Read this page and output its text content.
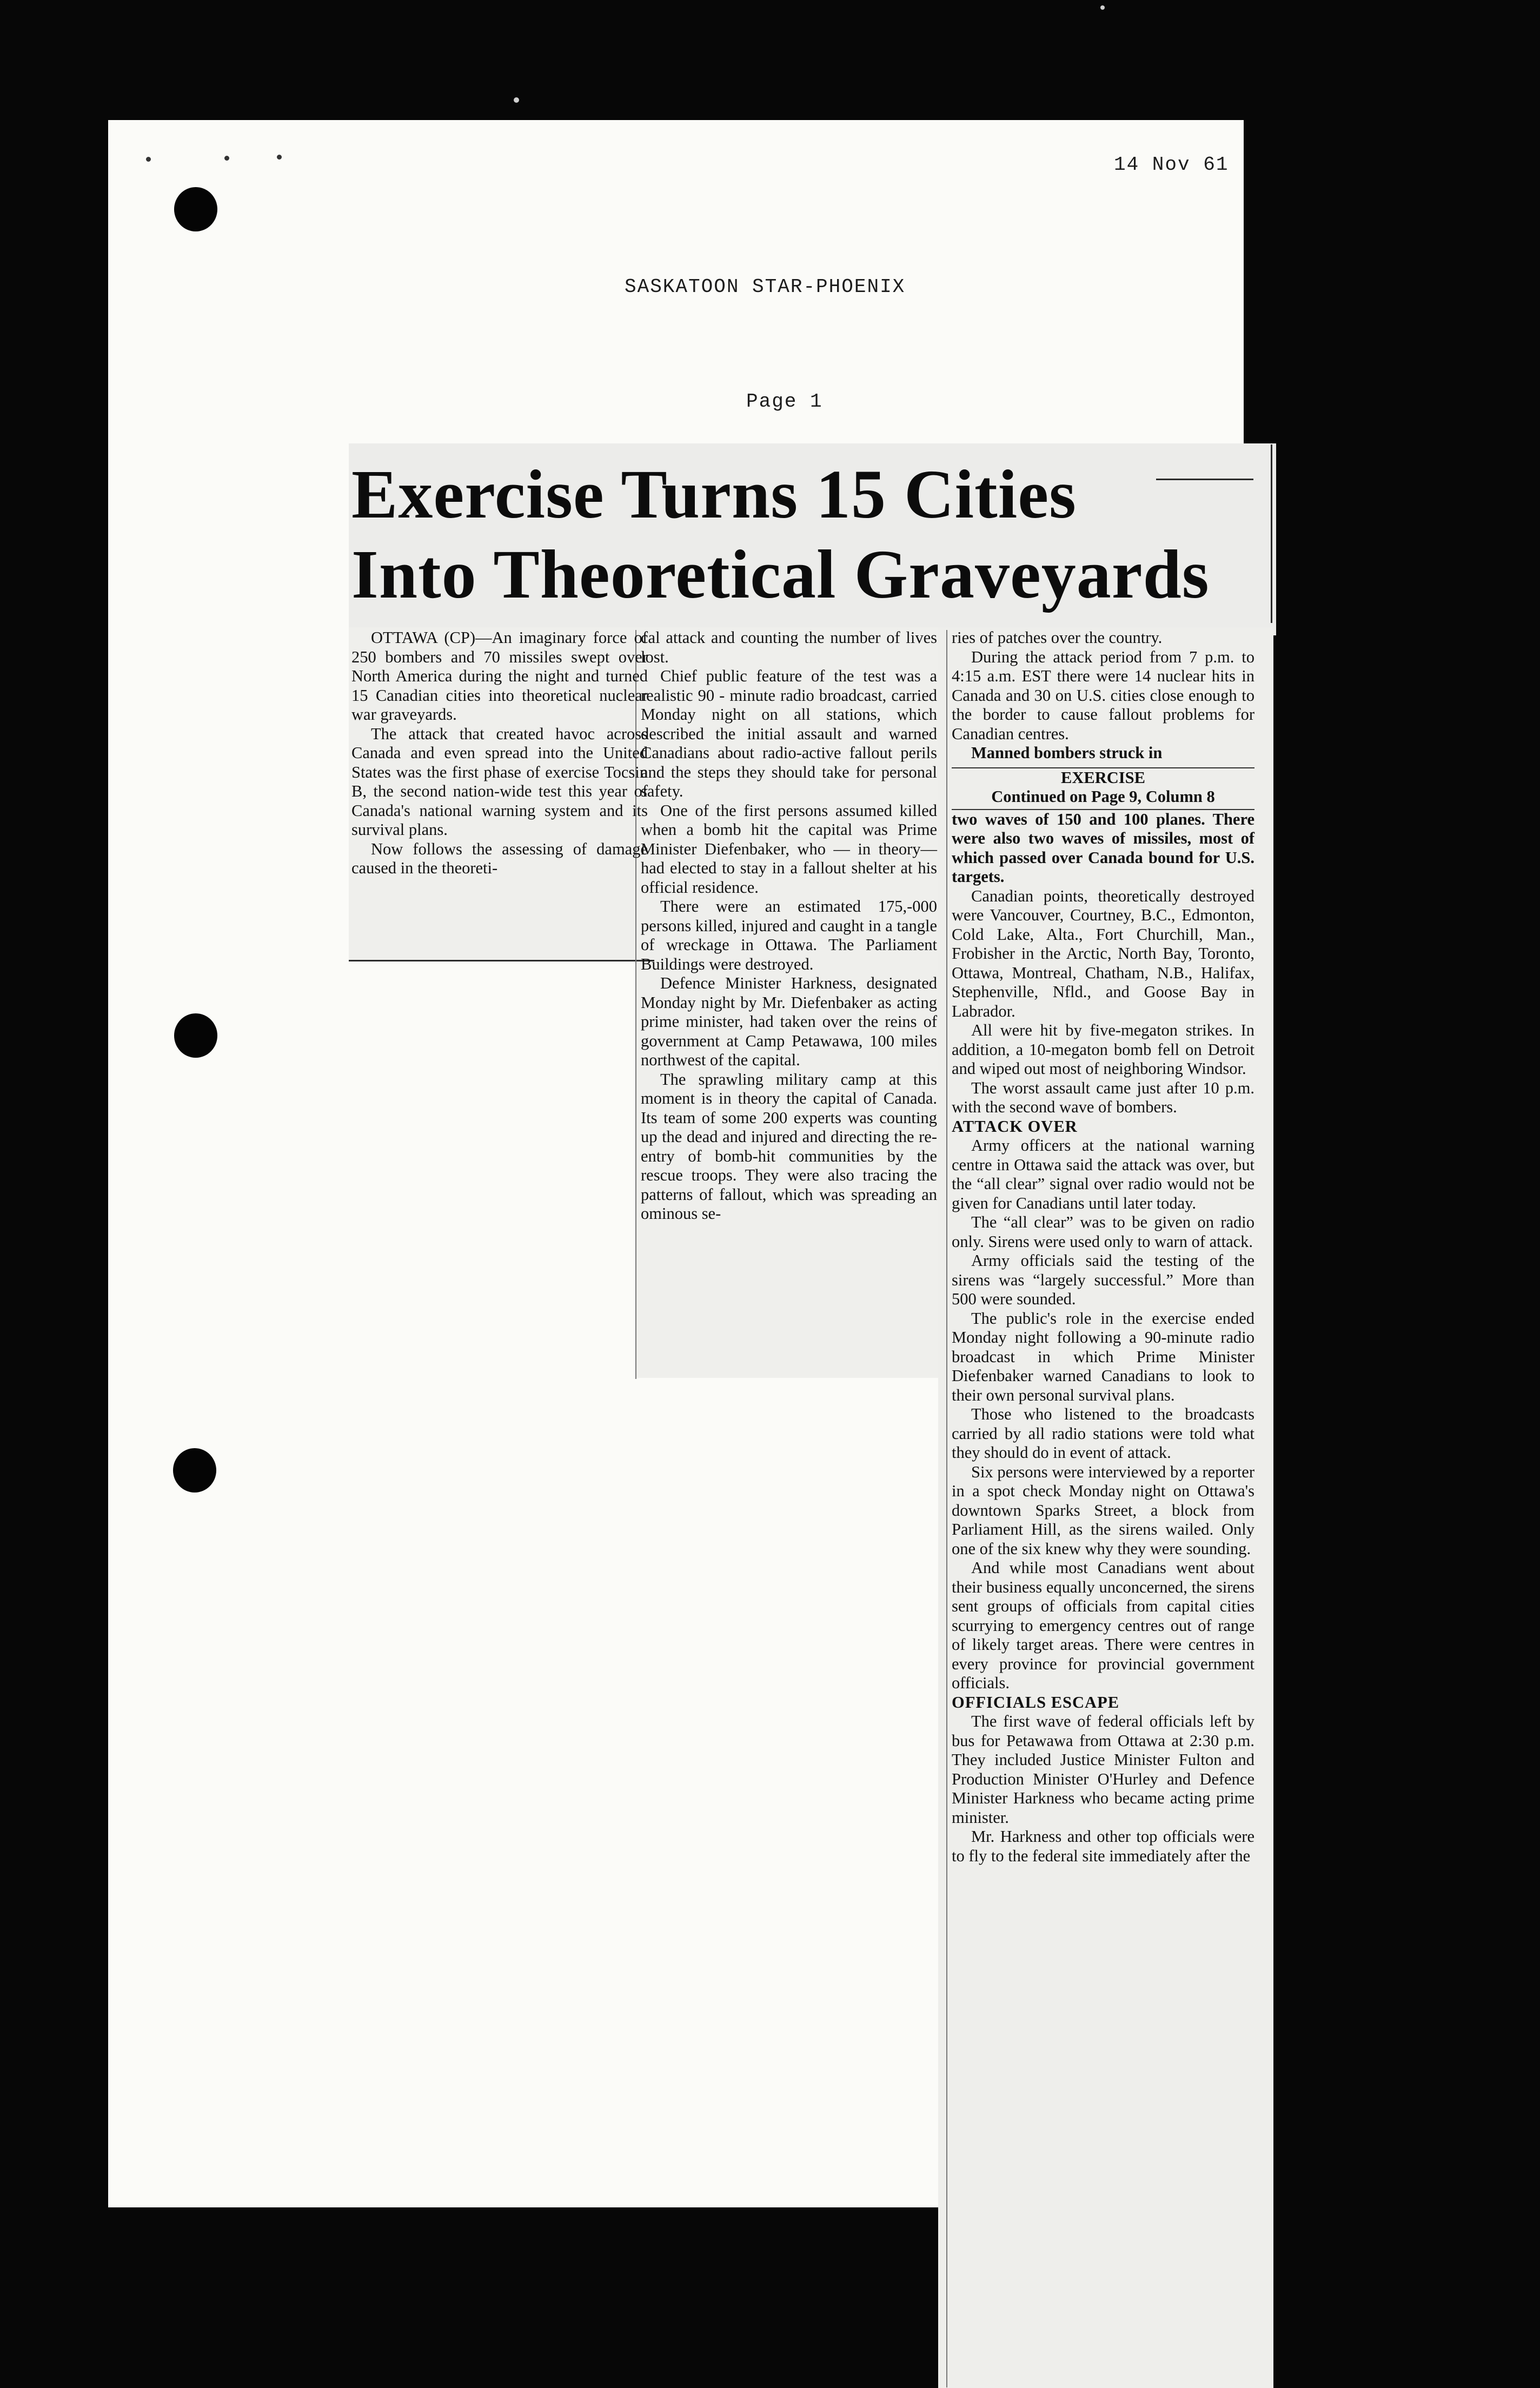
14 Nov 61
SASKATOON STAR-PHOENIX
Page 1
Exercise Turns 15 Cities
Into Theoretical Graveyards

OTTAWA (CP)—An imaginary force of 250 bombers and 70 missiles swept over North America during the night and turned 15 Canadian cities into theoretical nuclear war graveyards.

The attack that created havoc across Canada and even spread into the United States was the first phase of exercise Tocsin B, the second nation-wide test this year of Canada's national warning system and its survival plans.

Now follows the assessing of damage caused in the theoreti-

cal attack and counting the number of lives lost.

Chief public feature of the test was a realistic 90 - minute radio broadcast, carried Monday night on all stations, which described the initial assault and warned Canadians about radio-active fallout perils and the steps they should take for personal safety.

One of the first persons assumed killed when a bomb hit the capital was Prime Minister Diefenbaker, who — in theory—had elected to stay in a fallout shelter at his official residence.

There were an estimated 175,-000 persons killed, injured and caught in a tangle of wreckage in Ottawa. The Parliament Buildings were destroyed.

Defence Minister Harkness, designated Monday night by Mr. Diefenbaker as acting prime minister, had taken over the reins of government at Camp Petawawa, 100 miles northwest of the capital.

The sprawling military camp at this moment is in theory the capital of Canada. Its team of some 200 experts was counting up the dead and injured and directing the re-entry of bomb-hit communities by the rescue troops. They were also tracing the patterns of fallout, which was spreading an ominous se-

ries of patches over the country.

During the attack period from 7 p.m. to 4:15 a.m. EST there were 14 nuclear hits in Canada and 30 on U.S. cities close enough to the border to cause fallout problems for Canadian centres.

Manned bombers struck in

EXERCISE

Continued on Page 9, Column 8

two waves of 150 and 100 planes. There were also two waves of missiles, most of which passed over Canada bound for U.S. targets.

Canadian points, theoretically destroyed were Vancouver, Courtney, B.C., Edmonton, Cold Lake, Alta., Fort Churchill, Man., Frobisher in the Arctic, North Bay, Toronto, Ottawa, Montreal, Chatham, N.B., Halifax, Stephenville, Nfld., and Goose Bay in Labrador.

All were hit by five-megaton strikes. In addition, a 10-megaton bomb fell on Detroit and wiped out most of neighboring Windsor.

The worst assault came just after 10 p.m. with the second wave of bombers.

ATTACK OVER

Army officers at the national warning centre in Ottawa said the attack was over, but the “all clear” signal over radio would not be given for Canadians until later today.

The “all clear” was to be given on radio only. Sirens were used only to warn of attack.

Army officials said the testing of the sirens was “largely successful.” More than 500 were sounded.

The public's role in the exercise ended Monday night following a 90-minute radio broadcast in which Prime Minister Diefenbaker warned Canadians to look to their own personal survival plans.

Those who listened to the broadcasts carried by all radio stations were told what they should do in event of attack.

Six persons were interviewed by a reporter in a spot check Monday night on Ottawa's downtown Sparks Street, a block from Parliament Hill, as the sirens wailed. Only one of the six knew why they were sounding.

And while most Canadians went about their business equally unconcerned, the sirens sent groups of officials from capital cities scurrying to emergency centres out of range of likely target areas. There were centres in every province for provincial government officials.

OFFICIALS ESCAPE

The first wave of federal officials left by bus for Petawawa from Ottawa at 2:30 p.m. They included Justice Minister Fulton and Production Minister O'Hurley and Defence Minister Harkness who became acting prime minister.

Mr. Harkness and other top officials were to fly to the federal site immediately after the
